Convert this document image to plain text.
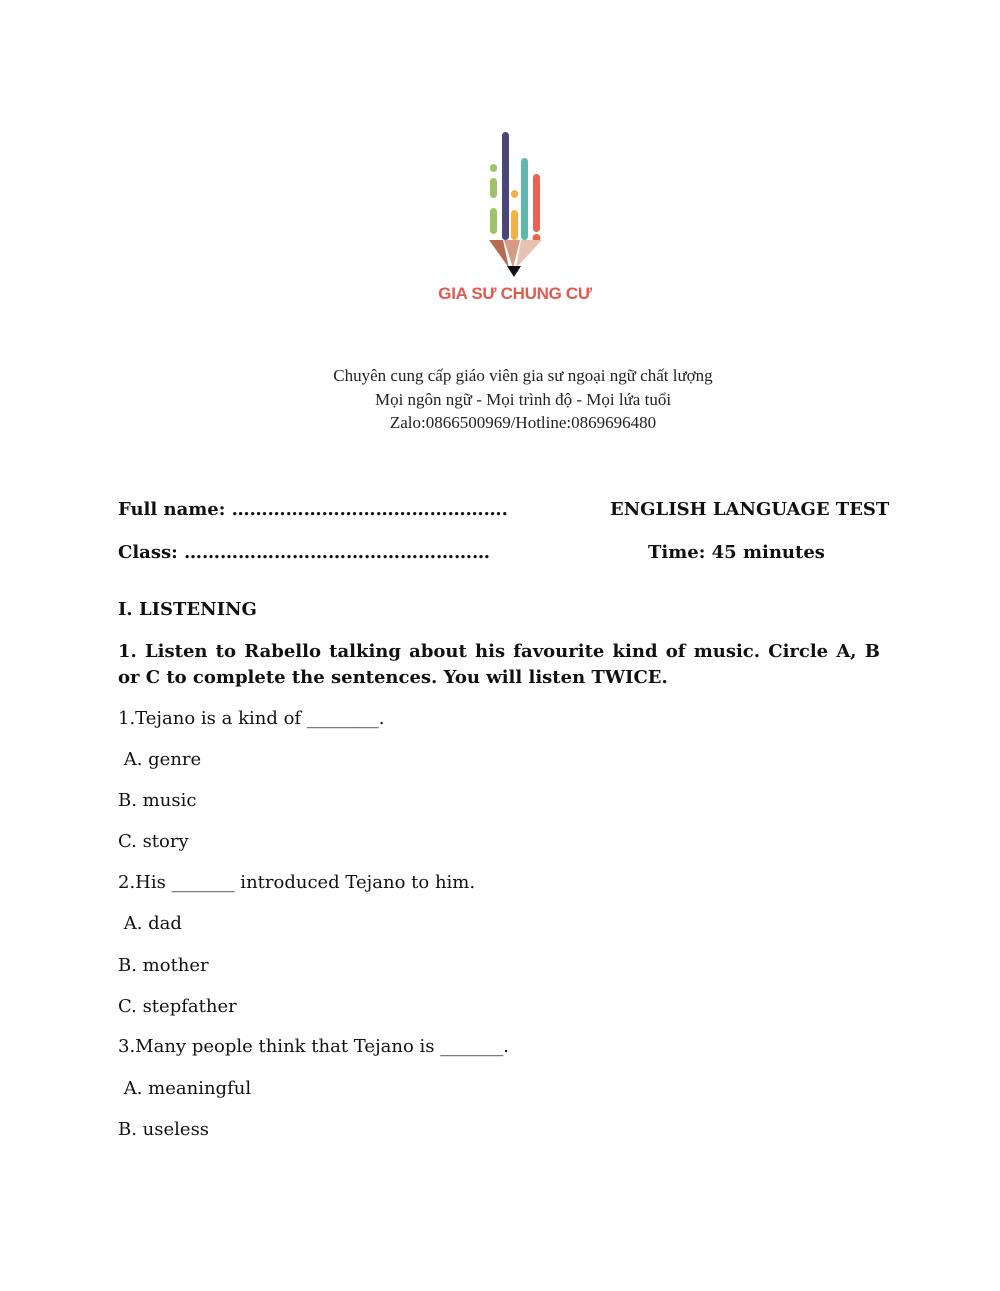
GIA SƯ CHUNG CƯ
Chuyên cung cấp giáo viên gia sư ngoại ngữ chất lượng
Mọi ngôn ngữ - Mọi trình độ - Mọi lứa tuổi
Zalo:0866500969/Hotline:0869696480
Full name: ……………………………………….	ENGLISH LANGUAGE TEST
Class: ……………………………………………	Time: 45 minutes
I. LISTENING
1. Listen to Rabello talking about his favourite kind of music. Circle A, B or C to complete the sentences. You will listen TWICE.
1.Tejano is a kind of ________.
A. genre
B. music
C. story
2.His _______ introduced Tejano to him.
A. dad
B. mother
C. stepfather
3.Many people think that Tejano is _______.
A. meaningful
B. useless
